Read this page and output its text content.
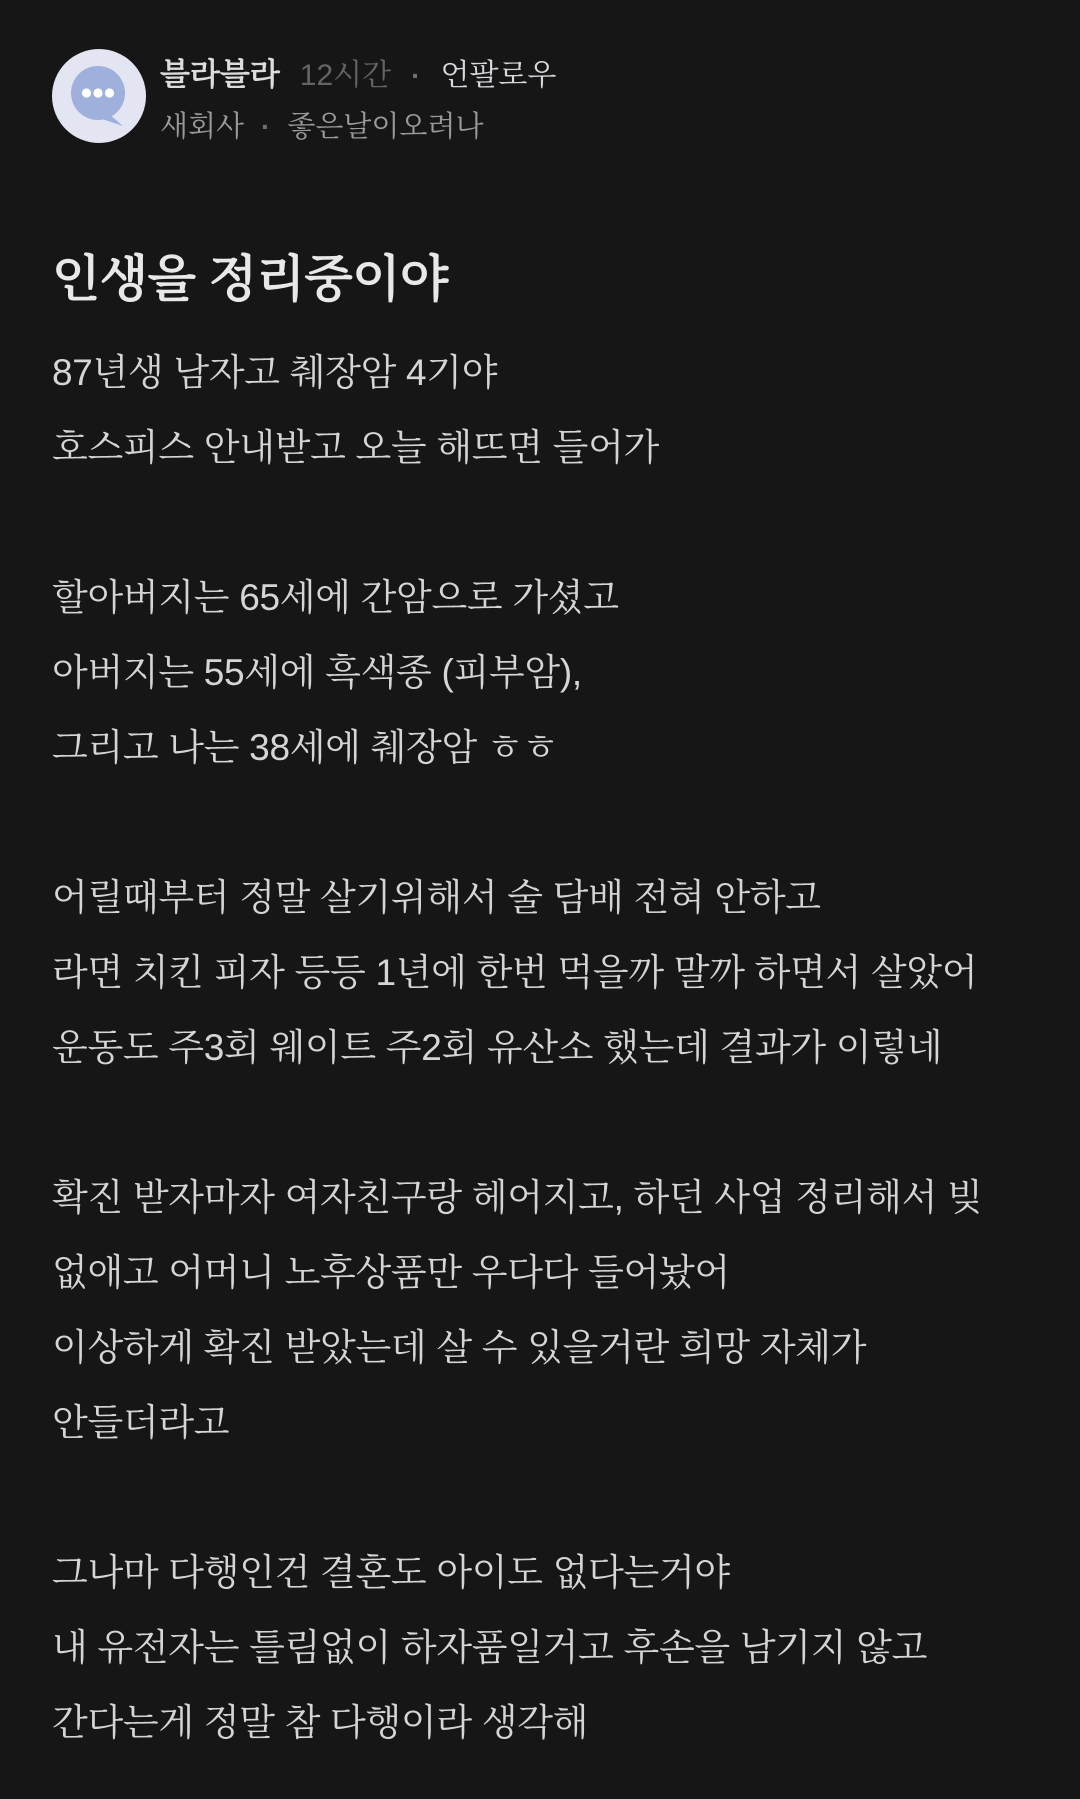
블라블라 12시간 · 언팔로우
새회사 · 좋은날이오려나
인생을 정리중이야
87년생 남자고 췌장암 4기야
호스피스 안내받고 오늘 해뜨면 들어가

할아버지는 65세에 간암으로 가셨고
아버지는 55세에 흑색종 (피부암),
그리고 나는 38세에 췌장암 ㅎㅎ

어릴때부터 정말 살기위해서 술 담배 전혀 안하고
라면 치킨 피자 등등 1년에 한번 먹을까 말까 하면서 살았어
운동도 주3회 웨이트 주2회 유산소 했는데 결과가 이렇네

확진 받자마자 여자친구랑 헤어지고, 하던 사업 정리해서 빚
없애고 어머니 노후상품만 우다다 들어놨어
이상하게 확진 받았는데 살 수 있을거란 희망 자체가
안들더라고

그나마 다행인건 결혼도 아이도 없다는거야
내 유전자는 틀림없이 하자품일거고 후손을 남기지 않고
간다는게 정말 참 다행이라 생각해
